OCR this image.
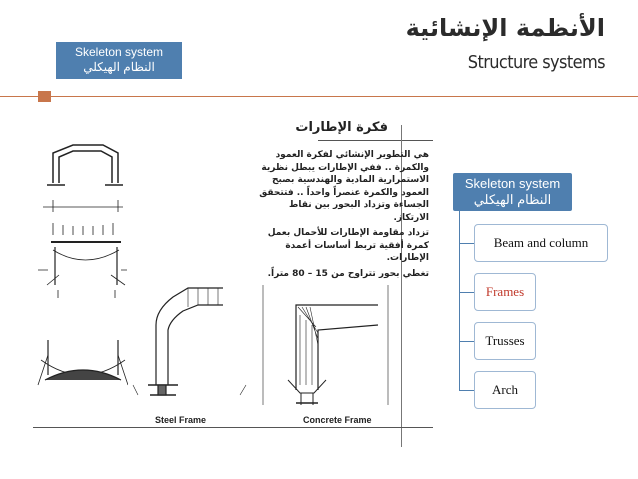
Skeleton system
النظام الهيكلي
الأنظمة الإنشائية
Structure systems
فكرة الإطارات

هي التطوير الإنشائي لفكرة العمود والكمرة .. ففي الإطارات يبطل نظرية الاستمرارية المادية والهندسية بصبح العمود والكمرة عنصراً واحداً .. فتتحقق الجساءة وتزداد البحور بين نقاط الارتكاز.

تزداد مقاومة الإطارات للأحمال بعمل كمرة أفقية تربط أساسات أعمدة الإطارات.

تغطي بحور تتراوح من 15 – 80 متراً.

Steel Frame	Concrete Frame
Skeleton system
النظام الهيكلي
Beam and column
Frames
Trusses
Arch
